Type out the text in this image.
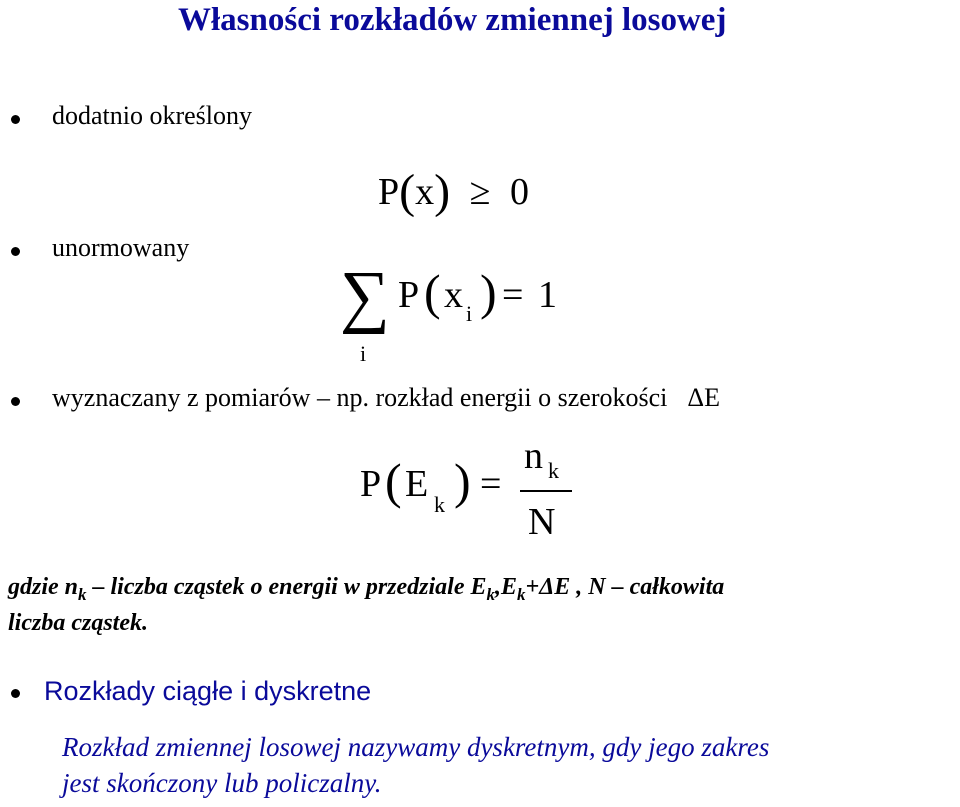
Własności rozkładów zmiennej losowej
dodatnio określony
P(x) ≥ 0
unormowany
∑
i
P ( x i ) = 1
wyznaczany z pomiarów – np. rozkład energii o szerokości ΔE
P ( E k ) =
n k
N
gdzie $n_k$ – liczba cząstek o energii w przedziale $E_k,E_k+\Delta E$ , N – całkowita
liczba cząstek.
Rozkłady ciągłe i dyskretne
Rozkład zmiennej losowej nazywamy dyskretnym, gdy jego zakres
jest skończony lub policzalny.
